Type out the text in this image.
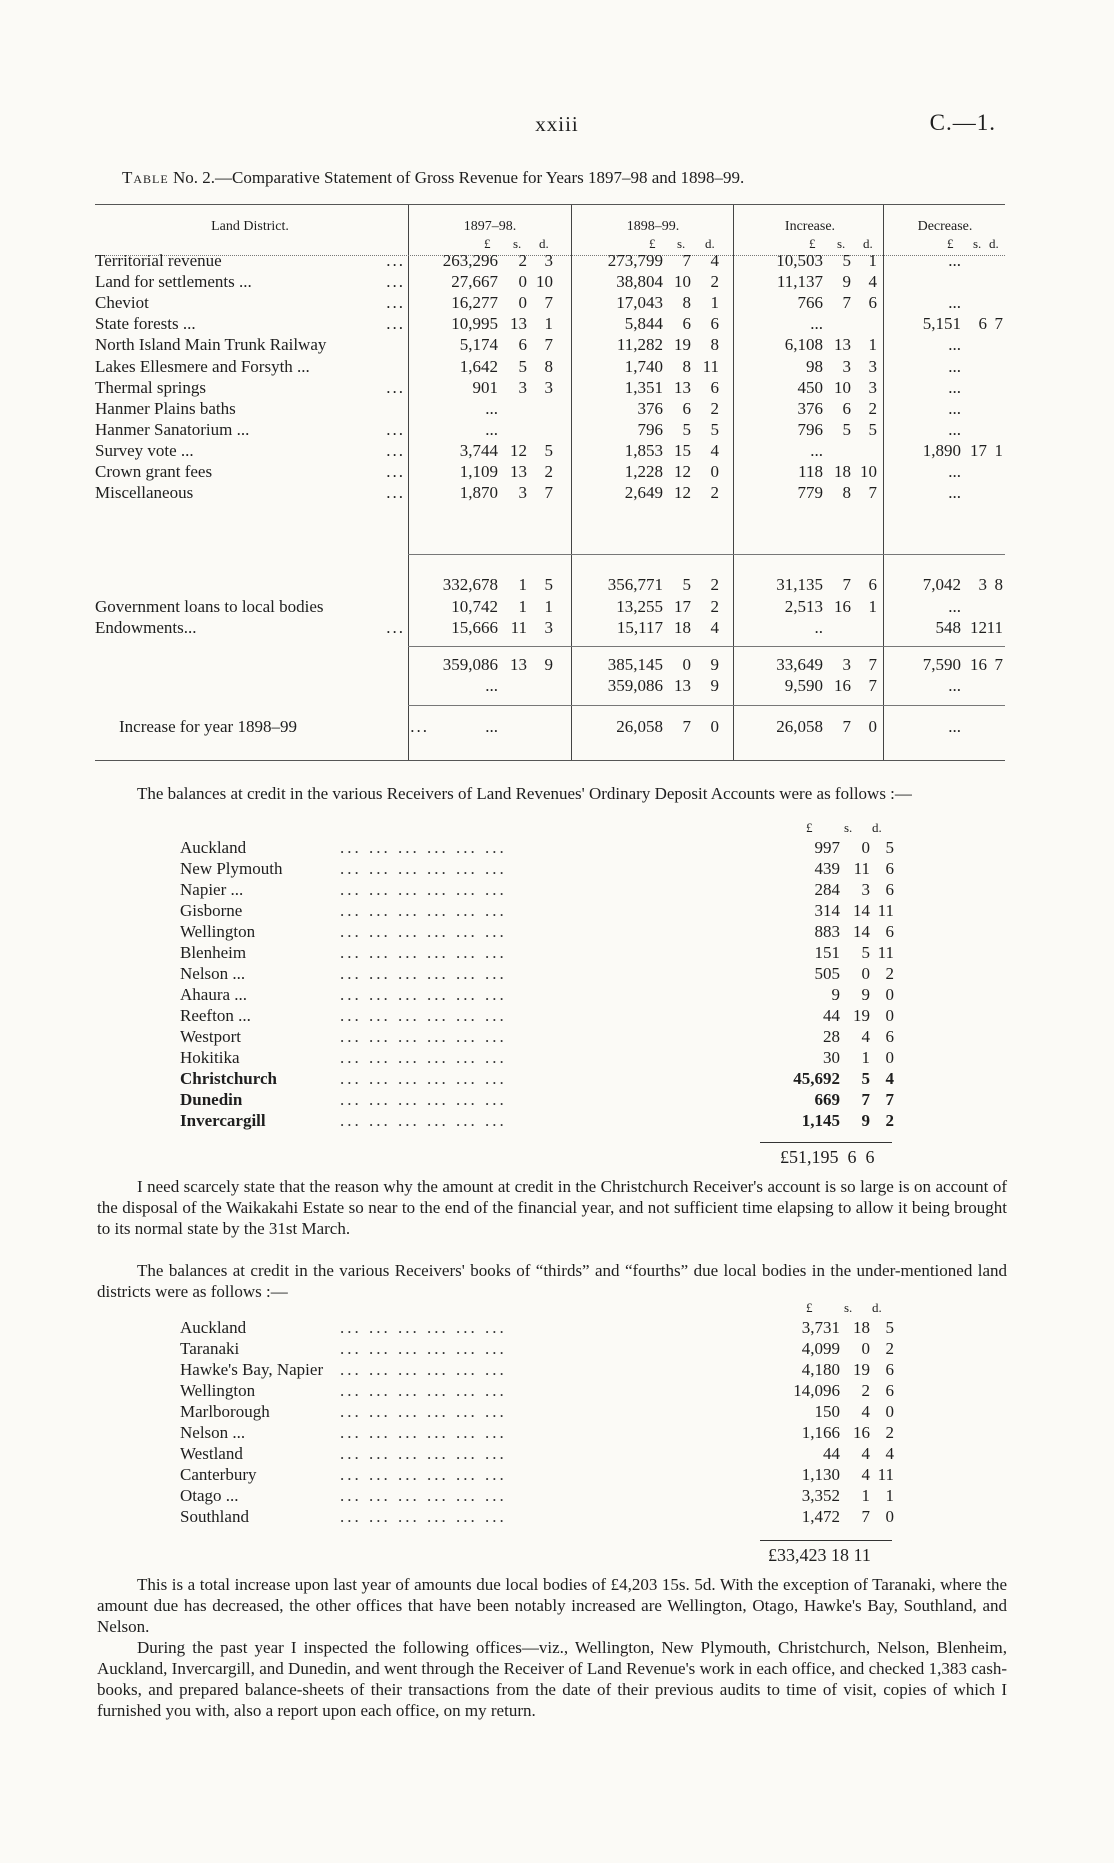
xxiii	C.—1.
Table No. 2.—Comparative Statement of Gross Revenue for Years 1897–98 and 1898–99.
Land District.	1897–98.	1898–99.	Increase.	Decrease.
£ s. d.	£ s. d.	£ s. d.	£ s. d.
Territorial revenue	...	263,296	2	3	273,799	7	4	10,503	5	1	...
Land for settlements ...	...	27,667	0 10	38,804 10	2	11,137	9	4
Cheviot	...	16,277	0	7	17,043	8	1	766	7	6	...
State forests ...	...	10,995 13	1	5,844	6	6	...	5,151	6 7
North Island Main Trunk Railway	5,174	6	7	11,282 19	8	6,108 13	1	...
Lakes Ellesmere and Forsyth ...	1,642	5	8	1,740	8 11	98	3	3	...
Thermal springs	...	901	3	3	1,351 13	6	450 10	3	...
Hanmer Plains baths	...	376	6	2	376	6	2	...
Hanmer Sanatorium ...	...	...	796	5	5	796	5	5	...
Survey vote ...	...	3,744 12	5	1,853 15	4	...	1,890 17 1
Crown grant fees	...	1,109 13	2	1,228 12	0	118 18 10	...
Miscellaneous	...	1,870	3	7	2,649 12	2	779	8	7	...
332,678	1	5	356,771	5	2	31,135	7	6	7,042	3 8
Government loans to local bodies	10,742	1	1	13,255 17	2	2,513 16	1	...
Endowments...	...	15,666 11	3	15,117 18	4	..	548 12 11
359,086 13	9	385,145	0	9	33,649	3	7	7,590 16 7
...	359,086 13	9	9,590 16	7	...
Increase for year 1898–99	...	...	26,058	7	0	26,058	7	0	...
The balances at credit in the various Receivers of Land Revenues' Ordinary Deposit Accounts were as follows :—
£ s. d.
Auckland	... ... ... ... ... ...	997	0 5
New Plymouth	... ... ... ... ... ...	439 11 6
Napier ...	... ... ... ... ... ...	284	3 6
Gisborne	... ... ... ... ... ...	314 14 11
Wellington	... ... ... ... ... ...	883 14 6
Blenheim	... ... ... ... ... ...	151	5 11
Nelson ...	... ... ... ... ... ...	505	0 2
Ahaura ...	... ... ... ... ... ...	9	9 0
Reefton ...	... ... ... ... ... ...	44 19 0
Westport	... ... ... ... ... ...	28	4 6
Hokitika	... ... ... ... ... ...	30	1 0
Christchurch	... ... ... ... ... ...	45,692	5 4
Dunedin	... ... ... ... ... ...	669	7 7
Invercargill	... ... ... ... ... ...	1,145	9 2
£51,195  6  6
I need scarcely state that the reason why the amount at credit in the Christchurch Receiver's account is so large is on account of the disposal of the Waikakahi Estate so near to the end of the financial year, and not sufficient time elapsing to allow it being brought to its normal state by the 31st March.
The balances at credit in the various Receivers' books of “thirds” and “fourths” due local bodies in the under-mentioned land districts were as follows :—
£ s. d.
Auckland	... ... ... ... ... ...	3,731 18 5
Taranaki	... ... ... ... ... ...	4,099	0 2
Hawke's Bay, Napier ... ... ... ... ... ...	4,180 19 6
Wellington	... ... ... ... ... ...	14,096	2 6
Marlborough	... ... ... ... ... ...	150	4 0
Nelson ...	... ... ... ... ... ...	1,166 16 2
Westland	... ... ... ... ... ...	44	4 4
Canterbury	... ... ... ... ... ...	1,130	4 11
Otago ...	... ... ... ... ... ...	3,352	1 1
Southland	... ... ... ... ... ...	1,472	7 0
£33,423 18 11
This is a total increase upon last year of amounts due local bodies of £4,203 15s. 5d. With the exception of Taranaki, where the amount due has decreased, the other offices that have been notably increased are Wellington, Otago, Hawke's Bay, Southland, and Nelson.
During the past year I inspected the following offices—viz., Wellington, New Plymouth, Christchurch, Nelson, Blenheim, Auckland, Invercargill, and Dunedin, and went through the Receiver of Land Revenue's work in each office, and checked 1,383 cash-books, and prepared balance-sheets of their transactions from the date of their previous audits to time of visit, copies of which I furnished you with, also a report upon each office, on my return.
